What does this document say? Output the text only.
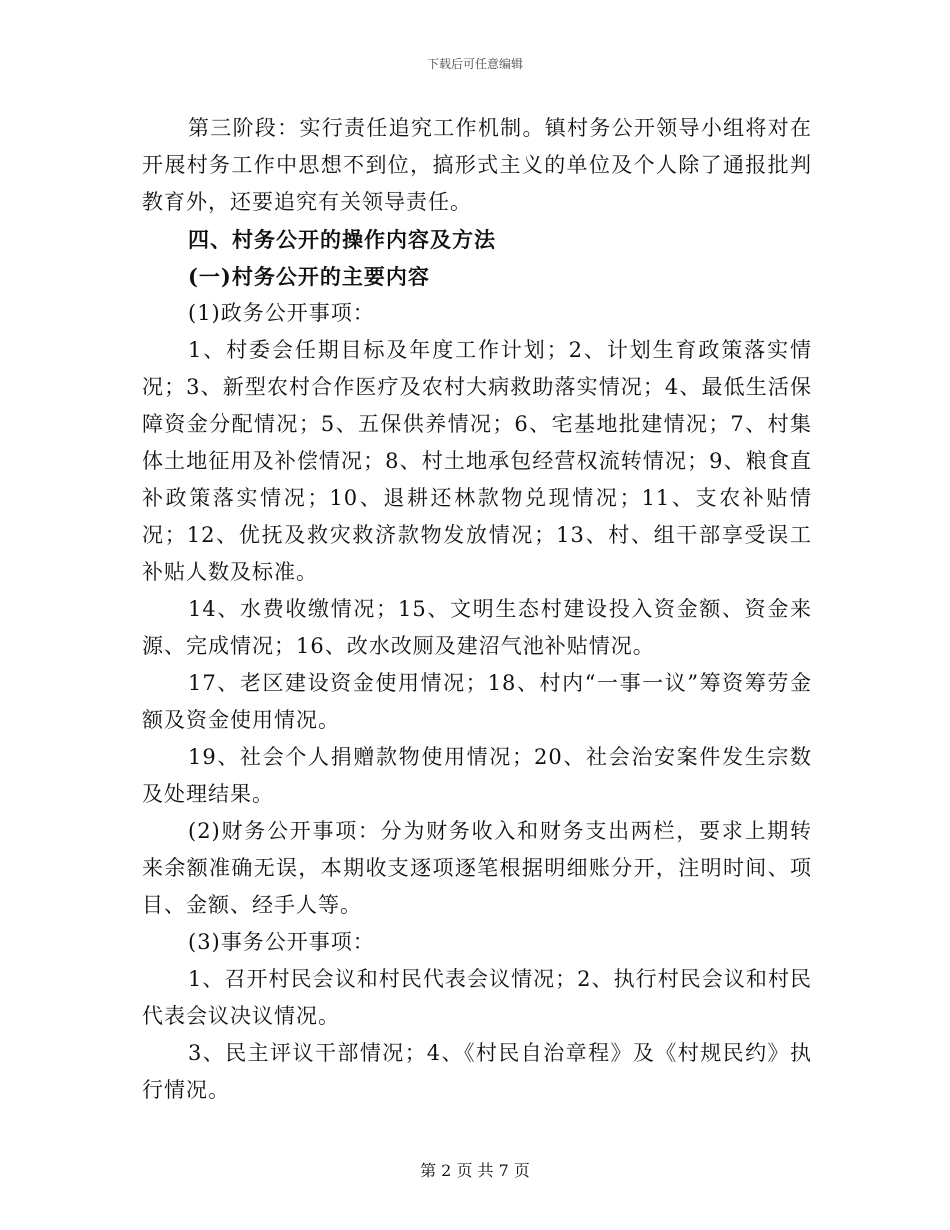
下载后可任意编辑

第三阶段：实行责任追究工作机制。镇村务公开领导小组将对在开展村务工作中思想不到位，搞形式主义的单位及个人除了通报批判教育外，还要追究有关领导责任。

四、村务公开的操作内容及方法

(一)村务公开的主要内容

(1)政务公开事项：

1、村委会任期目标及年度工作计划；2、计划生育政策落实情况；3、新型农村合作医疗及农村大病救助落实情况；4、最低生活保障资金分配情况；5、五保供养情况；6、宅基地批建情况；7、村集体土地征用及补偿情况；8、村土地承包经营权流转情况；9、粮食直补政策落实情况；10、退耕还林款物兑现情况；11、支农补贴情况；12、优抚及救灾救济款物发放情况；13、村、组干部享受误工补贴人数及标准。

14、水费收缴情况；15、文明生态村建设投入资金额、资金来源、完成情况；16、改水改厕及建沼气池补贴情况。

17、老区建设资金使用情况；18、村内“一事一议”筹资筹劳金额及资金使用情况。

19、社会个人捐赠款物使用情况；20、社会治安案件发生宗数及处理结果。

(2)财务公开事项：分为财务收入和财务支出两栏，要求上期转来余额准确无误，本期收支逐项逐笔根据明细账分开，注明时间、项目、金额、经手人等。

(3)事务公开事项：

1、召开村民会议和村民代表会议情况；2、执行村民会议和村民代表会议决议情况。

3、民主评议干部情况；4、《村民自治章程》及《村规民约》执行情况。

第 2 页 共 7 页
